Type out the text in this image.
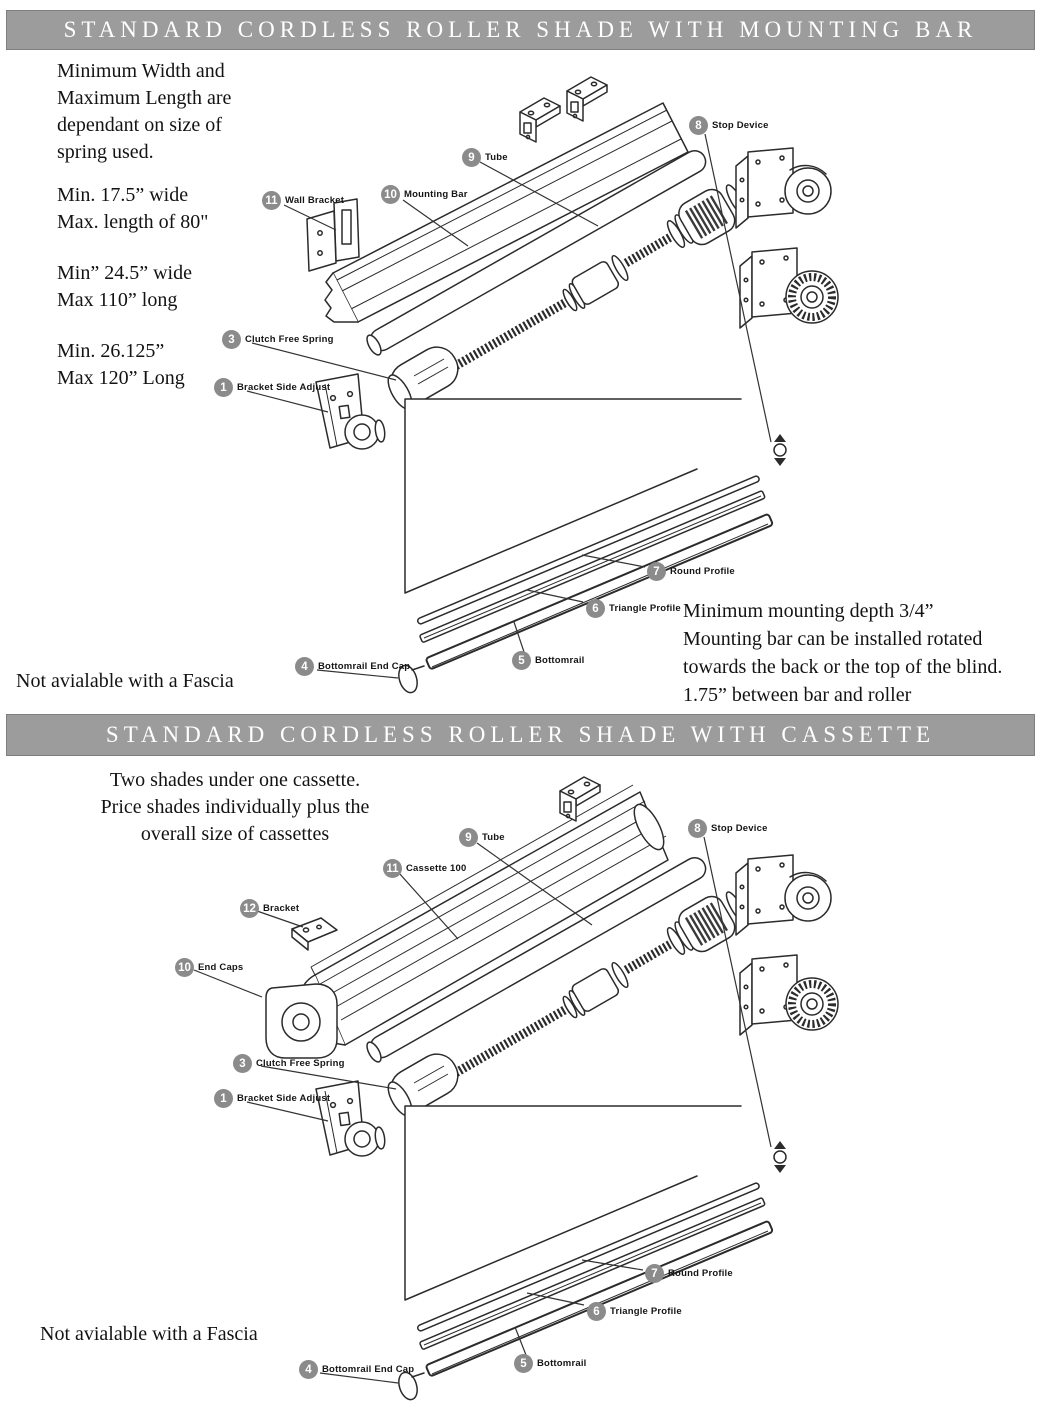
STANDARD CORDLESS ROLLER SHADE WITH MOUNTING BAR
Minimum Width and
Maximum Length are
dependant on size of
spring used.
Min. 17.5” wide
Max. length of 80"
Min” 24.5” wide
Max 110” long
Min. 26.125”
Max 120” Long
Not avialable with a Fascia
Minimum mounting depth 3/4”
Mounting bar can be installed rotated
towards the back or the top of the blind.
1.75” between bar and roller
11 Wall Bracket	10 Mounting Bar
9	Tube
8	Stop Device
3	Clutch Free Spring
1	Bracket Side Adjust
7	Round Profile
6	Triangle Profile
5	Bottomrail
4	Bottomrail End Cap
STANDARD CORDLESS ROLLER SHADE WITH CASSETTE
Two shades under one cassette.
Price shades individually plus the
overall size of cassettes
Not avialable with a Fascia
9	Tube
8	Stop Device
11 Cassette 100
12 Bracket
10 End Caps
3	Clutch Free Spring
1	Bracket Side Adjust
7	Round Profile
6	Triangle Profile
5	Bottomrail
4	Bottomrail End Cap
